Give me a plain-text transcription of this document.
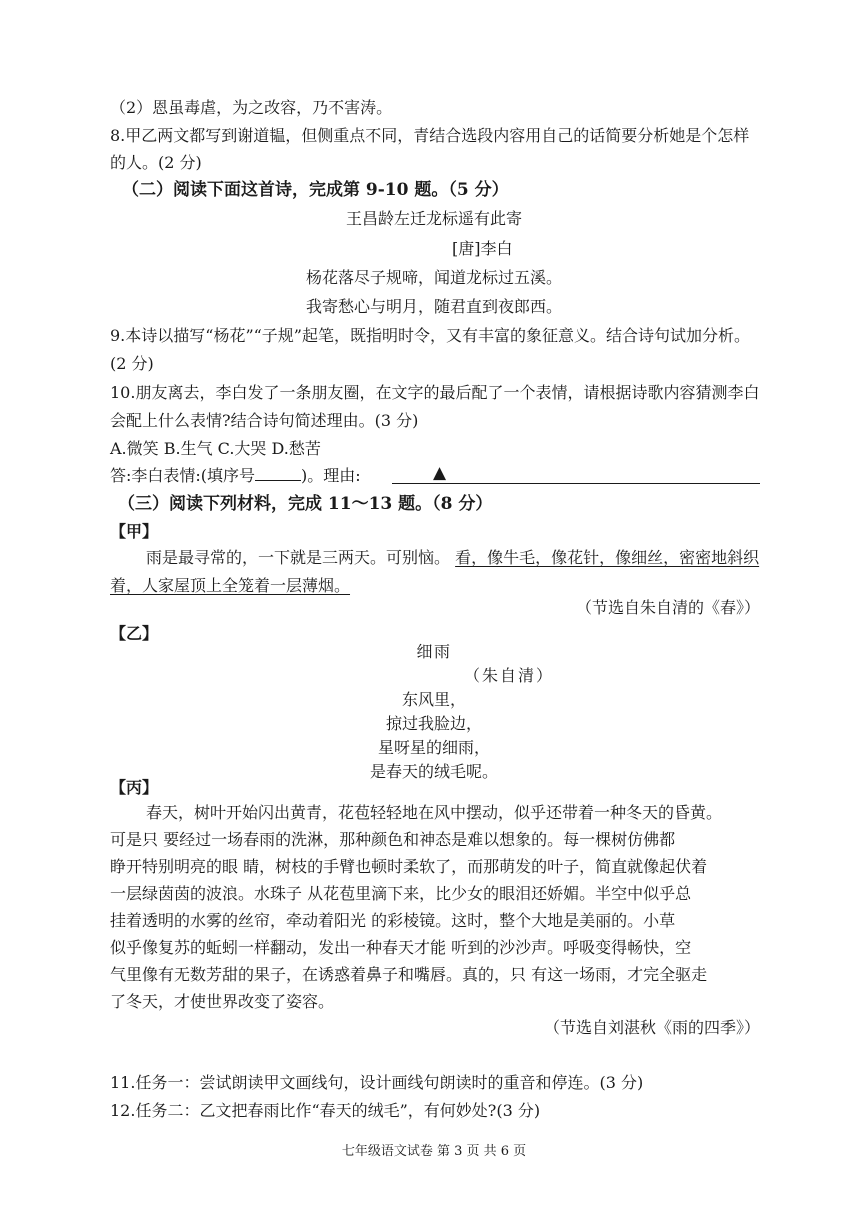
（2）恩虽毒虐，为之改容，乃不害涛。
8.甲乙两文都写到谢道韫，但侧重点不同，青结合选段内容用自己的话简要分析她是个怎样
的人。(2 分)
（二）阅读下面这首诗，完成第 9-10 题。（5 分）
王昌龄左迁龙标遥有此寄
[唐]李白
杨花落尽子规啼，闻道龙标过五溪。
我寄愁心与明月，随君直到夜郎西。
9.本诗以描写“杨花”“子规”起笔，既指明时令，又有丰富的象征意义。结合诗句试加分析。
(2 分)
10.朋友离去，李白发了一条朋友圈，在文字的最后配了一个表情，请根据诗歌内容猜测李白
会配上什么表情?结合诗句简述理由。(3 分)
A.微笑 B.生气 C.大哭 D.愁苦
答:李白表情:(填序号	)。理由:	▲
（三）阅读下列材料，完成 11～13 题。（8 分）
【甲】
雨是最寻常的，一下就是三两天。可别恼。 看，像牛毛，像花针，像细丝，密密地斜织
着，人家屋顶上全笼着一层薄烟。
（节选自朱自清的《春》）
【乙】
细雨
（朱自清）
东风里，
掠过我脸边，
星呀星的细雨，
是春天的绒毛呢。
【丙】
春天，树叶开始闪出黄青，花苞轻轻地在风中摆动，似乎还带着一种冬天的昏黄。
可是只 要经过一场春雨的洗淋，那种颜色和神态是难以想象的。每一棵树仿佛都
睁开特别明亮的眼 睛，树枝的手臂也顿时柔软了，而那萌发的叶子，简直就像起伏着
一层绿茵茵的波浪。水珠子 从花苞里滴下来，比少女的眼泪还娇媚。半空中似乎总
挂着透明的水雾的丝帘，牵动着阳光 的彩棱镜。这时，整个大地是美丽的。小草
似乎像复苏的蚯蚓一样翻动，发出一种春天才能 听到的沙沙声。呼吸变得畅快，空
气里像有无数芳甜的果子，在诱惑着鼻子和嘴唇。真的，只 有这一场雨，才完全驱走
了冬天，才使世界改变了姿容。
（节选自刘湛秋《雨的四季》）
11.任务一：尝试朗读甲文画线句，设计画线句朗读时的重音和停连。(3 分)
12.任务二：乙文把春雨比作“春天的绒毛”，有何妙处?(3 分)
七年级语文试卷 第 3 页 共 6 页
